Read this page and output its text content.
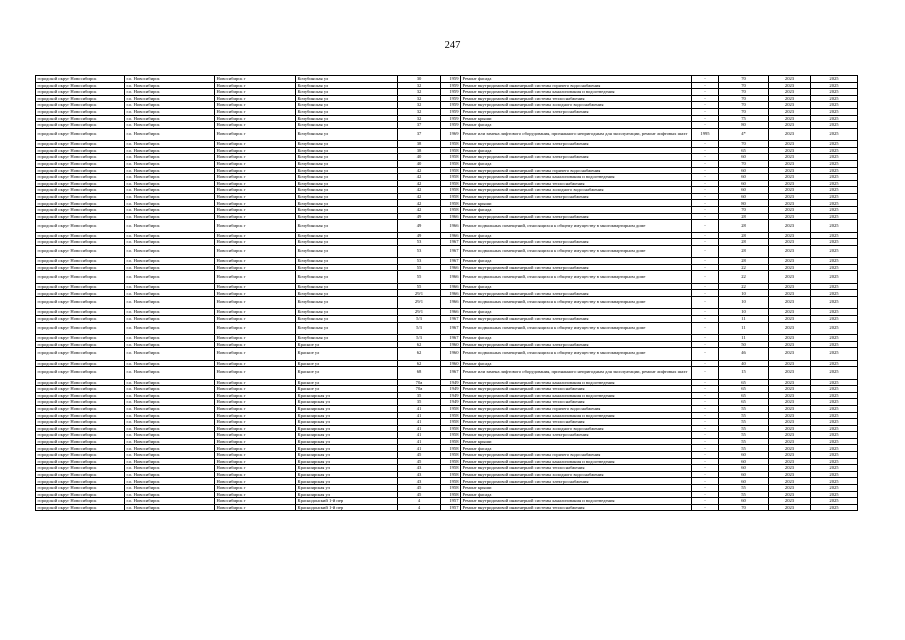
247
городской округ Новосибирск	г.о. Новосибирск	Новосибирск г	Кочубинская ул	30	1959	Ремонт фасада	-	70	2023	2025
городской округ Новосибирск	г.о. Новосибирск	Новосибирск г	Кочубинская ул	32	1959	Ремонт внутридомовой инженерной системы горячего водоснабжения	-	70	2023	2025
городской округ Новосибирск	г.о. Новосибирск	Новосибирск г	Кочубинская ул	32	1959	Ремонт внутридомовой инженерной системы канализования и водоотведения	-	70	2023	2025
городской округ Новосибирск	г.о. Новосибирск	Новосибирск г	Кочубинская ул	32	1959	Ремонт внутридомовой инженерной системы теплоснабжения	-	70	2023	2025
городской округ Новосибирск	г.о. Новосибирск	Новосибирск г	Кочубинская ул	32	1959	Ремонт внутридомовой инженерной системы холодного водоснабжения	-	70	2023	2025
городской округ Новосибирск	г.о. Новосибирск	Новосибирск г	Кочубинская ул	32	1959	Ремонт внутридомовой инженерной системы электроснабжения	-	70	2023	2025
городской округ Новосибирск	г.о. Новосибирск	Новосибирск г	Кочубинская ул	32	1959	Ремонт крыши	-	75	2023	2025
городской округ Новосибирск	г.о. Новосибирск	Новосибирск г	Кочубинская ул	37	1959	Ремонт фасада	-	80	2023	2025
городской округ Новосибирск	г.о. Новосибирск	Новосибирск г	Кочубинская ул	37	1969	Ремонт или замена лифтового оборудования, признанного непригодным для эксплуатации, ремонт лифтовых шахт	1995	4*	2023	2025
городской округ Новосибирск	г.о. Новосибирск	Новосибирск г	Кочубинская ул	38	1958	Ремонт внутридомовой инженерной системы электроснабжения	-	70	2023	2025
городской округ Новосибирск	г.о. Новосибирск	Новосибирск г	Кочубинская ул	38	1958	Ремонт фасада	-	65	2023	2025
городской округ Новосибирск	г.о. Новосибирск	Новосибирск г	Кочубинская ул	40	1958	Ремонт внутридомовой инженерной системы электроснабжения	-	60	2023	2025
городской округ Новосибирск	г.о. Новосибирск	Новосибирск г	Кочубинская ул	40	1958	Ремонт фасада	-	70	2023	2025
городской округ Новосибирск	г.о. Новосибирск	Новосибирск г	Кочубинская ул	42	1958	Ремонт внутридомовой инженерной системы горячего водоснабжения	-	60	2023	2025
городской округ Новосибирск	г.о. Новосибирск	Новосибирск г	Кочубинская ул	42	1958	Ремонт внутридомовой инженерной системы канализования и водоотведения	-	60	2023	2025
городской округ Новосибирск	г.о. Новосибирск	Новосибирск г	Кочубинская ул	42	1958	Ремонт внутридомовой инженерной системы теплоснабжения	-	60	2023	2025
городской округ Новосибирск	г.о. Новосибирск	Новосибирск г	Кочубинская ул	42	1958	Ремонт внутридомовой инженерной системы холодного водоснабжения	-	60	2023	2025
городской округ Новосибирск	г.о. Новосибирск	Новосибирск г	Кочубинская ул	42	1958	Ремонт внутридомовой инженерной системы электроснабжения	-	60	2023	2025
городской округ Новосибирск	г.о. Новосибирск	Новосибирск г	Кочубинская ул	42	1958	Ремонт крыши	-	80	2023	2025
городской округ Новосибирск	г.о. Новосибирск	Новосибирск г	Кочубинская ул	42	1958	Ремонт фасада	-	70	2023	2025
городской округ Новосибирск	г.о. Новосибирск	Новосибирск г	Кочубинская ул	49	1966	Ремонт внутридомовой инженерной системы электроснабжения	-	28	2023	2025
городской округ Новосибирск	г.о. Новосибирск	Новосибирск г	Кочубинская ул	49	1966	Ремонт подвальных помещений, относящихся к общему имуществу в многоквартирном доме	-	28	2023	2025
городской округ Новосибирск	г.о. Новосибирск	Новосибирск г	Кочубинская ул	49	1966	Ремонт фасада	-	28	2023	2025
городской округ Новосибирск	г.о. Новосибирск	Новосибирск г	Кочубинская ул	53	1967	Ремонт внутридомовой инженерной системы электроснабжения	-	28	2023	2025
городской округ Новосибирск	г.о. Новосибирск	Новосибирск г	Кочубинская ул	53	1967	Ремонт подвальных помещений, относящихся к общему имуществу в многоквартирном доме	-	28	2023	2025
городской округ Новосибирск	г.о. Новосибирск	Новосибирск г	Кочубинская ул	53	1967	Ремонт фасада	-	28	2023	2025
городской округ Новосибирск	г.о. Новосибирск	Новосибирск г	Кочубинская ул	55	1966	Ремонт внутридомовой инженерной системы электроснабжения	-	22	2023	2025
городской округ Новосибирск	г.о. Новосибирск	Новосибирск г	Кочубинская ул	55	1966	Ремонт подвальных помещений, относящихся к общему имуществу в многоквартирном доме	-	22	2023	2025
городской округ Новосибирск	г.о. Новосибирск	Новосибирск г	Кочубинская ул	55	1966	Ремонт фасада	-	22	2023	2025
городской округ Новосибирск	г.о. Новосибирск	Новосибирск г	Кочубинская ул	29/1	1966	Ремонт внутридомовой инженерной системы электроснабжения	-	10	2023	2025
городской округ Новосибирск	г.о. Новосибирск	Новосибирск г	Кочубинская ул	29/1	1966	Ремонт подвальных помещений, относящихся к общему имуществу в многоквартирном доме	-	10	2023	2025
городской округ Новосибирск	г.о. Новосибирск	Новосибирск г	Кочубинская ул	29/1	1966	Ремонт фасада	-	10	2023	2025
городской округ Новосибирск	г.о. Новосибирск	Новосибирск г	Кочубинская ул	5/3	1967	Ремонт внутридомовой инженерной системы электроснабжения	-	11	2023	2025
городской округ Новосибирск	г.о. Новосибирск	Новосибирск г	Кочубинская ул	5/3	1967	Ремонт подвальных помещений, относящихся к общему имуществу в многоквартирном доме	-	11	2023	2025
городской округ Новосибирск	г.о. Новосибирск	Новосибирск г	Кочубинская ул	5/3	1967	Ремонт фасада	-	11	2023	2025
городской округ Новосибирск	г.о. Новосибирск	Новосибирск г	Красное ул	62	1960	Ремонт внутридомовой инженерной системы электроснабжения	-	50	2023	2025
городской округ Новосибирск	г.о. Новосибирск	Новосибирск г	Красное ул	62	1960	Ремонт подвальных помещений, относящихся к общему имуществу в многоквартирном доме	-	46	2023	2025
городской округ Новосибирск	г.о. Новосибирск	Новосибирск г	Красное ул	62	1960	Ремонт фасада	-	40	2023	2025
городской округ Новосибирск	г.о. Новосибирск	Новосибирск г	Красное ул	68	1967	Ремонт или замена лифтового оборудования, признанного непригодным для эксплуатации, ремонт лифтовых шахт	-	15	2023	2025
городской округ Новосибирск	г.о. Новосибирск	Новосибирск г	Красное ул	70а	1949	Ремонт внутридомовой инженерной системы канализования и водоотведения	-	65	2023	2025
городской округ Новосибирск	г.о. Новосибирск	Новосибирск г	Красное ул	70а	1949	Ремонт внутридомовой инженерной системы теплоснабжения	-	65	2023	2025
городской округ Новосибирск	г.о. Новосибирск	Новосибирск г	Красноярская ул	35	1949	Ремонт внутридомовой инженерной системы канализования и водоотведения	-	65	2023	2025
городской округ Новосибирск	г.о. Новосибирск	Новосибирск г	Красноярская ул	35	1949	Ремонт внутридомовой инженерной системы теплоснабжения	-	65	2023	2025
городской округ Новосибирск	г.о. Новосибирск	Новосибирск г	Красноярская ул	41	1958	Ремонт внутридомовой инженерной системы горячего водоснабжения	-	55	2023	2025
городской округ Новосибирск	г.о. Новосибирск	Новосибирск г	Красноярская ул	41	1958	Ремонт внутридомовой инженерной системы канализования и водоотведения	-	55	2023	2025
городской округ Новосибирск	г.о. Новосибирск	Новосибирск г	Красноярская ул	41	1958	Ремонт внутридомовой инженерной системы теплоснабжения	-	55	2023	2025
городской округ Новосибирск	г.о. Новосибирск	Новосибирск г	Красноярская ул	41	1958	Ремонт внутридомовой инженерной системы холодного водоснабжения	-	55	2023	2025
городской округ Новосибирск	г.о. Новосибирск	Новосибирск г	Красноярская ул	41	1958	Ремонт внутридомовой инженерной системы электроснабжения	-	55	2023	2025
городской округ Новосибирск	г.о. Новосибирск	Новосибирск г	Красноярская ул	41	1958	Ремонт крыши	-	55	2023	2025
городской округ Новосибирск	г.о. Новосибирск	Новосибирск г	Красноярская ул	41	1958	Ремонт фасада	-	55	2023	2025
городской округ Новосибирск	г.о. Новосибирск	Новосибирск г	Красноярская ул	45	1958	Ремонт внутридомовой инженерной системы горячего водоснабжения	-	60	2023	2025
городской округ Новосибирск	г.о. Новосибирск	Новосибирск г	Красноярская ул	45	1958	Ремонт внутридомовой инженерной системы канализования и водоотведения	-	60	2023	2025
городской округ Новосибирск	г.о. Новосибирск	Новосибирск г	Красноярская ул	43	1958	Ремонт внутридомовой инженерной системы теплоснабжения	-	60	2023	2025
городской округ Новосибирск	г.о. Новосибирск	Новосибирск г	Красноярская ул	43	1958	Ремонт внутридомовой инженерной системы холодного водоснабжения	-	60	2023	2025
городской округ Новосибирск	г.о. Новосибирск	Новосибирск г	Красноярская ул	43	1958	Ремонт внутридомовой инженерной системы электроснабжения	-	60	2023	2025
городской округ Новосибирск	г.о. Новосибирск	Новосибирск г	Красноярская ул	45	1958	Ремонт крыши	-	55	2023	2025
городской округ Новосибирск	г.о. Новосибирск	Новосибирск г	Красноярская ул	45	1958	Ремонт фасада	-	55	2023	2025
городской округ Новосибирск	г.о. Новосибирск	Новосибирск г	Краснодонский 1-й пер	4	1957	Ремонт внутридомовой инженерной системы канализования и водоотведения	-	60	2023	2025
городской округ Новосибирск	г.о. Новосибирск	Новосибирск г	Краснодонский 1-й пер	4	1957	Ремонт внутридомовой инженерной системы теплоснабжения	-	70	2023	2025
